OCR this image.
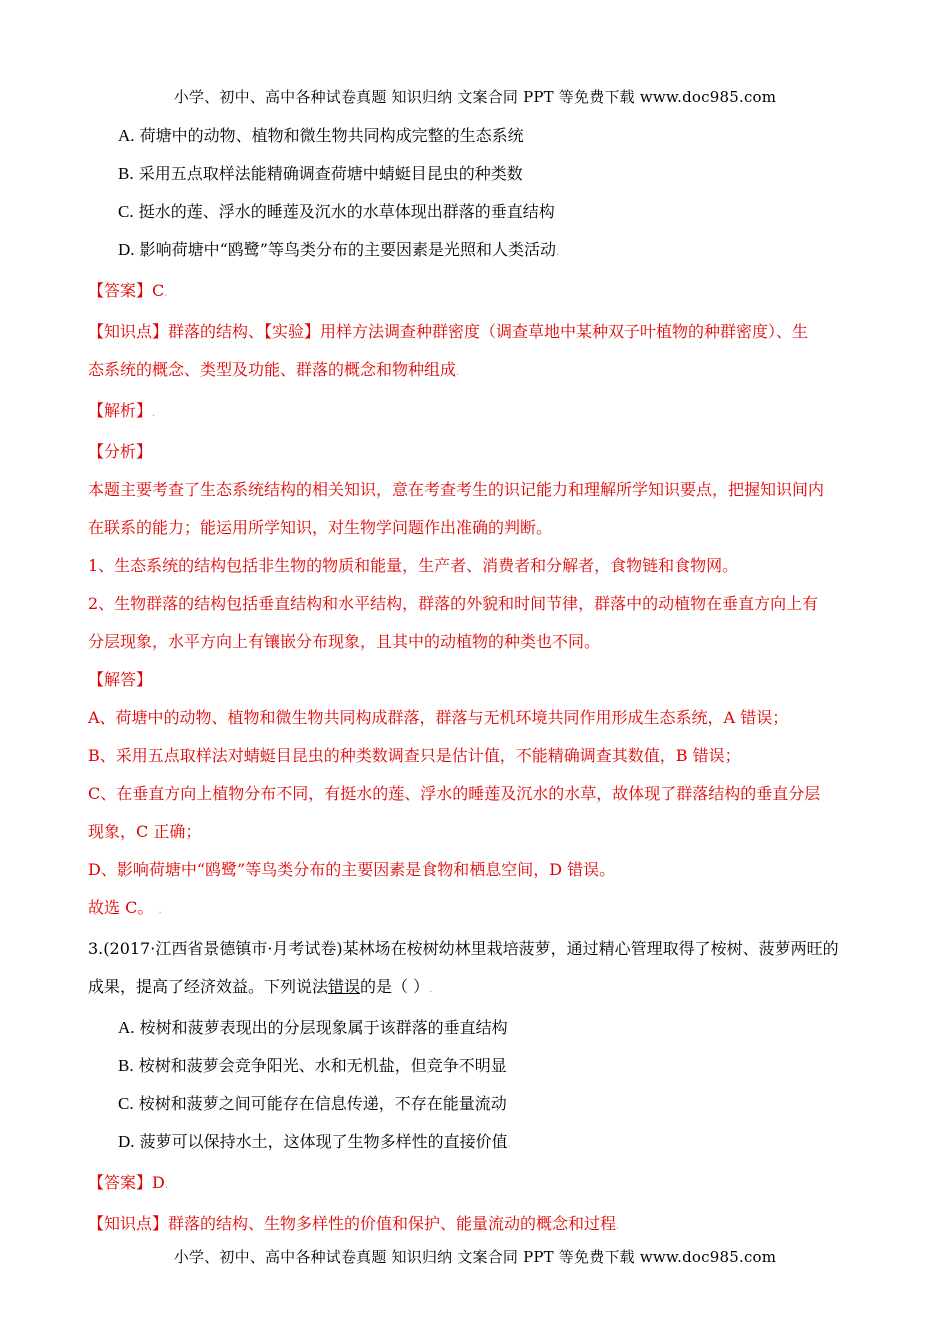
小学、初中、高中各种试卷真题 知识归纳 文案合同 PPT 等免费下载 www.doc985.com
A. 荷塘中的动物、植物和微生物共同构成完整的生态系统
B. 采用五点取样法能精确调查荷塘中蜻蜓目昆虫的种类数
C. 挺水的莲、浮水的睡莲及沉水的水草体现出群落的垂直结构
D. 影响荷塘中“鸥鹭”等鸟类分布的主要因素是光照和人类活动.
【答案】C.
【知识点】群落的结构、【实验】用样方法调查种群密度（调查草地中某种双子叶植物的种群密度）、生
态系统的概念、类型及功能、群落的概念和物种组成.
【解析】.
【分析】
本题主要考查了生态系统结构的相关知识，意在考查考生的识记能力和理解所学知识要点，把握知识间内
在联系的能力；能运用所学知识，对生物学问题作出准确的判断。
1、生态系统的结构包括非生物的物质和能量，生产者、消费者和分解者，食物链和食物网。
2、生物群落的结构包括垂直结构和水平结构，群落的外貌和时间节律，群落中的动植物在垂直方向上有
分层现象，水平方向上有镶嵌分布现象，且其中的动植物的种类也不同。
【解答】
A、荷塘中的动物、植物和微生物共同构成群落，群落与无机环境共同作用形成生态系统，A 错误；
B、采用五点取样法对蜻蜓目昆虫的种类数调查只是估计值，不能精确调查其数值，B 错误；
C、在垂直方向上植物分布不同，有挺水的莲、浮水的睡莲及沉水的水草，故体现了群落结构的垂直分层
现象，C 正确；
D、影响荷塘中“鸥鹭”等鸟类分布的主要因素是食物和栖息空间，D 错误。
故选 C。 .
3.(2017·江西省景德镇市·月考试卷)某林场在桉树幼林里栽培菠萝，通过精心管理取得了桉树、菠萝两旺的
成果，提高了经济效益。下列说法错误的是（ ）.
A. 桉树和菠萝表现出的分层现象属于该群落的垂直结构
B. 桉树和菠萝会竞争阳光、水和无机盐，但竞争不明显
C. 桉树和菠萝之间可能存在信息传递，不存在能量流动
D. 菠萝可以保持水土，这体现了生物多样性的直接价值.
【答案】D.
【知识点】群落的结构、生物多样性的价值和保护、能量流动的概念和过程.
小学、初中、高中各种试卷真题 知识归纳 文案合同 PPT 等免费下载 www.doc985.com
